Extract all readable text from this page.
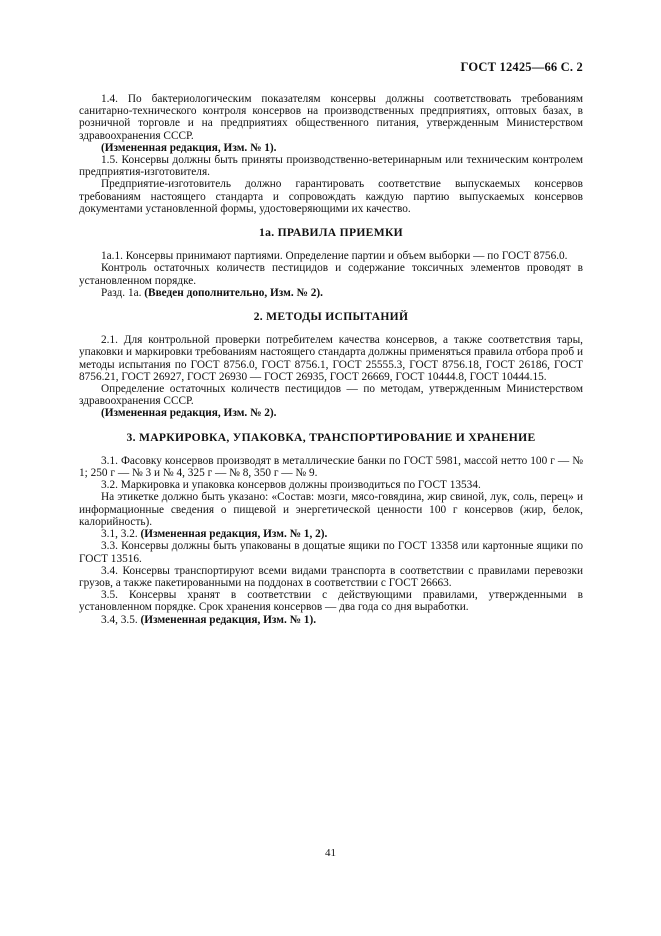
ГОСТ 12425—66 С. 2

1.4. По бактериологическим показателям консервы должны соответствовать требованиям санитарно-технического контроля консервов на производственных предприятиях, оптовых базах, в розничной торговле и на предприятиях общественного питания, утвержденным Министерством здравоохранения СССР.

(Измененная редакция, Изм. № 1).

1.5. Консервы должны быть приняты производственно-ветеринарным или техническим контролем предприятия-изготовителя.

Предприятие-изготовитель должно гарантировать соответствие выпускаемых консервов требованиям настоящего стандарта и сопровождать каждую партию выпускаемых консервов документами установленной формы, удостоверяющими их качество.

1а. ПРАВИЛА ПРИЕМКИ

1а.1. Консервы принимают партиями. Определение партии и объем выборки — по ГОСТ 8756.0.

Контроль остаточных количеств пестицидов и содержание токсичных элементов проводят в установленном порядке.

Разд. 1а. (Введен дополнительно, Изм. № 2).

2. МЕТОДЫ ИСПЫТАНИЙ

2.1. Для контрольной проверки потребителем качества консервов, а также соответствия тары, упаковки и маркировки требованиям настоящего стандарта должны применяться правила отбора проб и методы испытания по ГОСТ 8756.0, ГОСТ 8756.1, ГОСТ 25555.3, ГОСТ 8756.18, ГОСТ 26186, ГОСТ 8756.21, ГОСТ 26927, ГОСТ 26930 — ГОСТ 26935, ГОСТ 26669, ГОСТ 10444.8, ГОСТ 10444.15.

Определение остаточных количеств пестицидов — по методам, утвержденным Министерством здравоохранения СССР.

(Измененная редакция, Изм. № 2).

3. МАРКИРОВКА, УПАКОВКА, ТРАНСПОРТИРОВАНИЕ И ХРАНЕНИЕ

3.1. Фасовку консервов производят в металлические банки по ГОСТ 5981, массой нетто 100 г — № 1; 250 г — № 3 и № 4, 325 г — № 8, 350 г — № 9.

3.2. Маркировка и упаковка консервов должны производиться по ГОСТ 13534.

На этикетке должно быть указано: «Состав: мозги, мясо-говядина, жир свиной, лук, соль, перец» и информационные сведения о пищевой и энергетической ценности 100 г консервов (жир, белок, калорийность).

3.1, 3.2. (Измененная редакция, Изм. № 1, 2).

3.3. Консервы должны быть упакованы в дощатые ящики по ГОСТ 13358 или картонные ящики по ГОСТ 13516.

3.4. Консервы транспортируют всеми видами транспорта в соответствии с правилами перевозки грузов, а также пакетированными на поддонах в соответствии с ГОСТ 26663.

3.5. Консервы хранят в соответствии с действующими правилами, утвержденными в установленном порядке. Срок хранения консервов — два года со дня выработки.

3.4, 3.5. (Измененная редакция, Изм. № 1).

41
